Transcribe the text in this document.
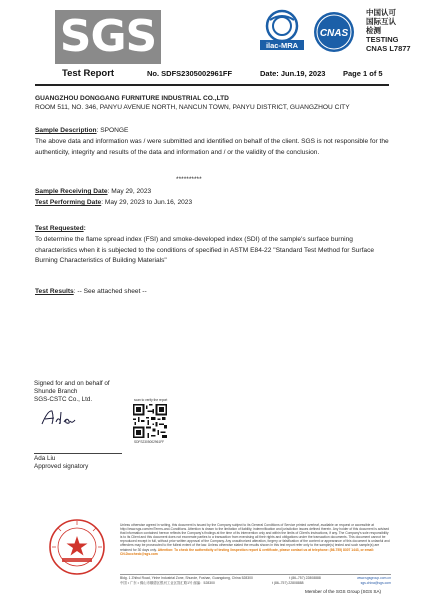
SGS	ilac-MRA
CNAS
中国认可
国际互认
检测
TESTING
CNAS L7877
Test Report	No. SDFS2305002961FF	Date: Jun.19, 2023 Page 1 of 5
GUANGZHOU DONGGANG FURNITURE INDUSTRIAL CO.,LTD
ROOM 511, NO. 346, PANYU AVENUE NORTH, NANCUN TOWN, PANYU DISTRICT, GUANGZHOU CITY
Sample Description: SPONGE
The above data and information was / were submitted and identified on behalf of the client. SGS is not responsible for the authenticity, integrity and results of the data and information and / or the validity of the conclusion.
**********
Sample Receiving Date: May 29, 2023
Test Performing Date: May 29, 2023 to Jun.16, 2023
Test Requested:
To determine the flame spread index (FSI) and smoke-developed index (SDI) of the sample's surface burning characteristics when it is subjected to the conditions of specified in ASTM E84-22 "Standard Test Method for Surface Burning Characteristics of Building Materials"
Test Results: -- See attached sheet --
Signed for and on behalf of
Shunde Branch
SGS-CSTC Co., Ltd.
Ada Liu
Approved signatory
scan to verify the report
SDFS2305002961FF
Unless otherwise agreed in writing, this document is issued by the Company subject to its General Conditions of Service printed overleaf, available on request or accessible at http://www.sgs.com/en/Terms-and-Conditions. Attention is drawn to the limitation of liability, indemnification and jurisdiction issues defined therein. Any holder of this document is advised that information contained hereon reflects the Company's findings at the time of its intervention only and within the limits of Client's instructions, if any. The Company's sole responsibility is to its Client and this document does not exonerate parties to a transaction from exercising all their rights and obligations under the transaction documents. This document cannot be reproduced except in full, without prior written approval of the Company. Any unauthorized alteration, forgery or falsification of the content or appearance of this document is unlawful and offenders may be prosecuted to the fullest extent of the law. Unless otherwise stated the results shown in this test report refer only to the sample(s) tested and such sample(s) are retained for 30 days only. Attention: To check the authenticity of testing /inspection report & certificate, please contact us at telephone: (86-755) 8307 1443, or email: CN.Doccheck@sgs.com
Bldg. 1 Zhihui Road, Yinhe Industrial Zone, Shunde, Foshan, Guangdong, China 528300	t (86–757) 22808888	www.sgsgroup.com.cn
中国 • 广东 • 佛山市顺德区银河工业区智汇路1号 邮编：528300	t (86–757) 22808888	sgs.china@sgs.com
Member of the SGS Group (SGS SA)
